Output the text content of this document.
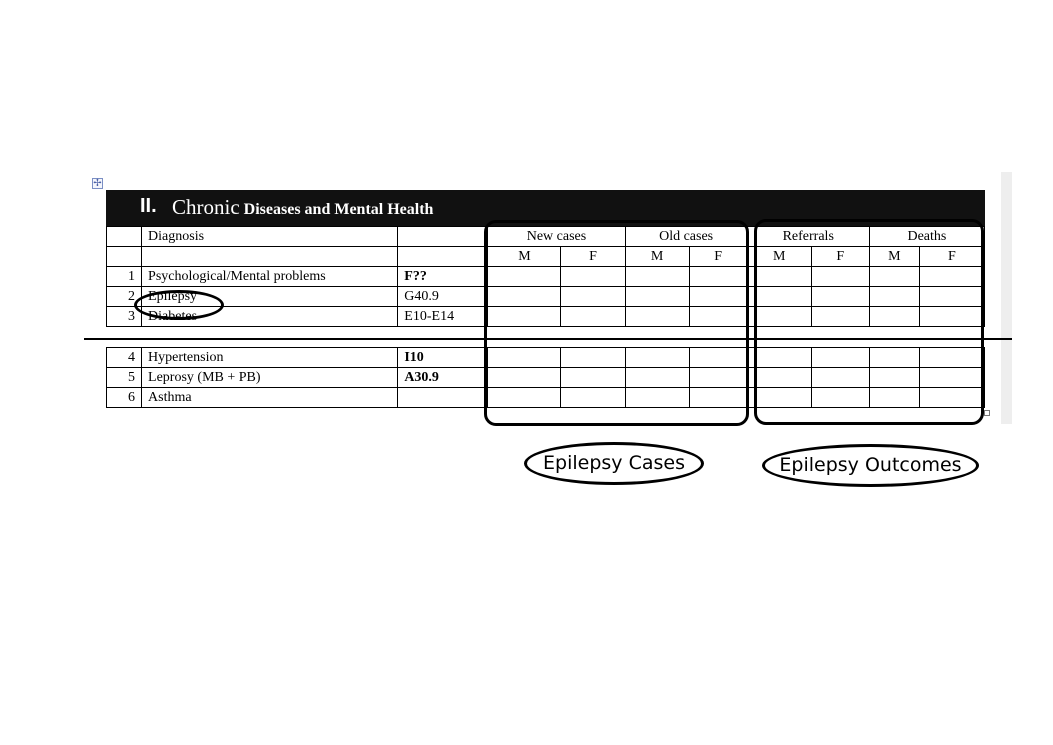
✢
II. Chronic Diseases and Mental Health
	Diagnosis		New cases		Old cases		Referrals		Deaths	
			M	F	M	F	M	F	M	F
1	Psychological/Mental problems	F??								
2	Epilepsy	G40.9								
3	Diabetes	E10-E14								
4	Hypertension	I10								
5	Leprosy (MB + PB)	A30.9								
6	Asthma									
Epilepsy Cases	Epilepsy Outcomes
